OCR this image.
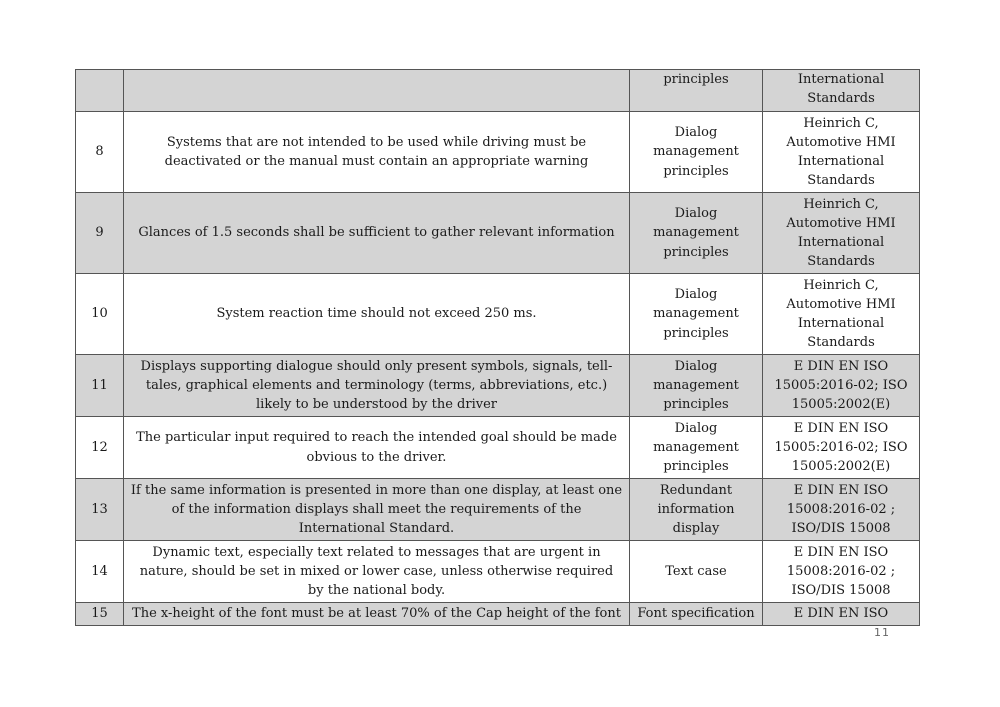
		principles	International Standards
8	Systems that are not intended to be used while driving must be deactivated or the manual must contain an appropriate warning	Dialog management principles	Heinrich C, Automotive HMI International Standards
9	Glances of 1.5 seconds shall be sufficient to gather relevant information	Dialog management principles	Heinrich C, Automotive HMI International Standards
10	System reaction time should not exceed 250 ms.	Dialog management principles	Heinrich C, Automotive HMI International Standards
11	Displays supporting dialogue should only present symbols, signals, tell-tales, graphical elements and terminology (terms, abbreviations, etc.) likely to be understood by the driver	Dialog management principles	E DIN EN ISO 15005:2016-02; ISO 15005:2002(E)
12	The particular input required to reach the intended goal should be made obvious to the driver.	Dialog management principles	E DIN EN ISO 15005:2016-02; ISO 15005:2002(E)
13	If the same information is presented in more than one display, at least one of the information displays shall meet the requirements of the International Standard.	Redundant information display	E DIN EN ISO 15008:2016-02 ; ISO/DIS 15008
14	Dynamic text, especially text related to messages that are urgent in nature, should be set in mixed or lower case, unless otherwise required by the national body.	Text case	E DIN EN ISO 15008:2016-02 ; ISO/DIS 15008
15	The x-height of the font must be at least 70% of the Cap height of the font	Font specification	E DIN EN ISO
11
